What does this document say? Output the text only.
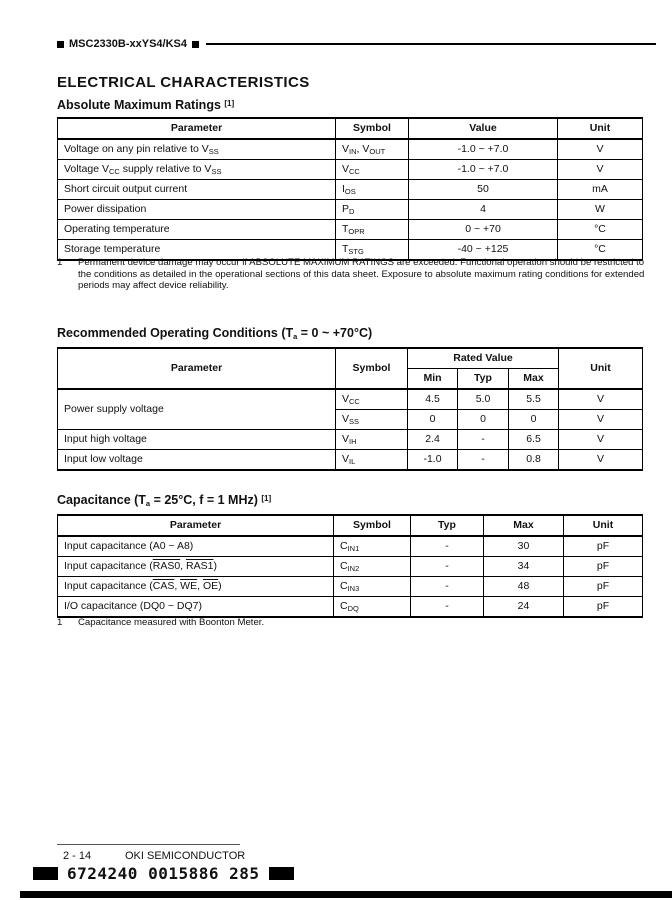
MSC2330B-xxYS4/KS4
ELECTRICAL CHARACTERISTICS
Absolute Maximum Ratings [1]
Parameter	Symbol	Value	Unit
Voltage on any pin relative to $V_{SS}$	$V_{IN}$, $V_{OUT}$	-1.0 ~ +7.0	V
Voltage $V_{CC}$ supply relative to $V_{SS}$	$V_{CC}$	-1.0 ~ +7.0	V
Short circuit output current	$I_{OS}$	50	mA
Power dissipation	$P_D$	4	W
Operating temperature	$T_{OPR}$	0 ~ +70	°C
Storage temperature	$T_{STG}$	-40 ~ +125	°C
1	Permanent device damage may occur if ABSOLUTE MAXIMUM RATINGS are exceeded. Functional operation should be restricted to the conditions as detailed in the operational sections of this data sheet. Exposure to absolute maximum rating conditions for extended periods may affect device reliability.
Recommended Operating Conditions ($T_a = 0$ ~ +70°C)
Parameter	Symbol	Rated Value			Unit
		Min	Typ	Max	
Power supply voltage	$V_{CC}$	4.5	5.0	5.5	V
	$V_{SS}$	0	0	0	V
Input high voltage	$V_{IH}$	2.4	-	6.5	V
Input low voltage	$V_{IL}$	-1.0	-	0.8	V
Capacitance ($T_a = 25^\circ C$, f = 1 MHz) [1]
Parameter	Symbol	Typ	Max	Unit
Input capacitance (A0 ~ A8)	$C_{IN1}$	-	30	pF
Input capacitance (RAS0, RAS1)	$C_{IN2}$	-	34	pF
Input capacitance ($\overline{CAS}$, $\overline{WE}$, $\overline{OE}$)	$C_{IN3}$	-	48	pF
I/O capacitance (DQ0 ~ DQ7)	$C_{DQ}$	-	24	pF
1	Capacitance measured with Boonton Meter.
2 - 14	OKI SEMICONDUCTOR
6724240 0015886 285
